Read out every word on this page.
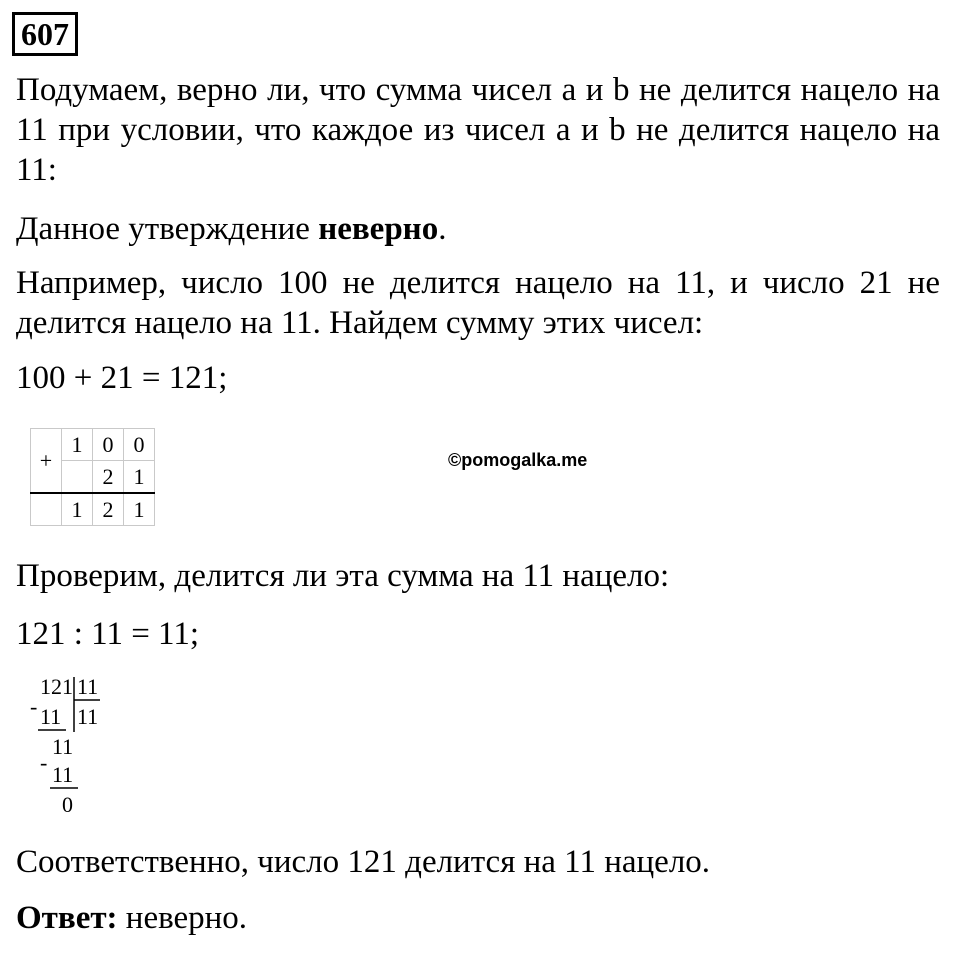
607
Подумаем, верно ли, что сумма чисел a и b не делится нацело на 11 при условии, что каждое из чисел a и b не делится нацело на 11:
Данное утверждение неверно.
Например, число 100 не делится нацело на 11, и число 21 не делится нацело на 11. Найдем сумму этих чисел:
100 + 21 = 121;
+	1	0	0
		2	1
	1	2	1
©pomogalka.me
Проверим, делится ли эта сумма на 11 нацело:
121 : 11 = 11;
121 11
11
- 11
11
- 11
0
Соответственно, число 121 делится на 11 нацело.
Ответ: неверно.
